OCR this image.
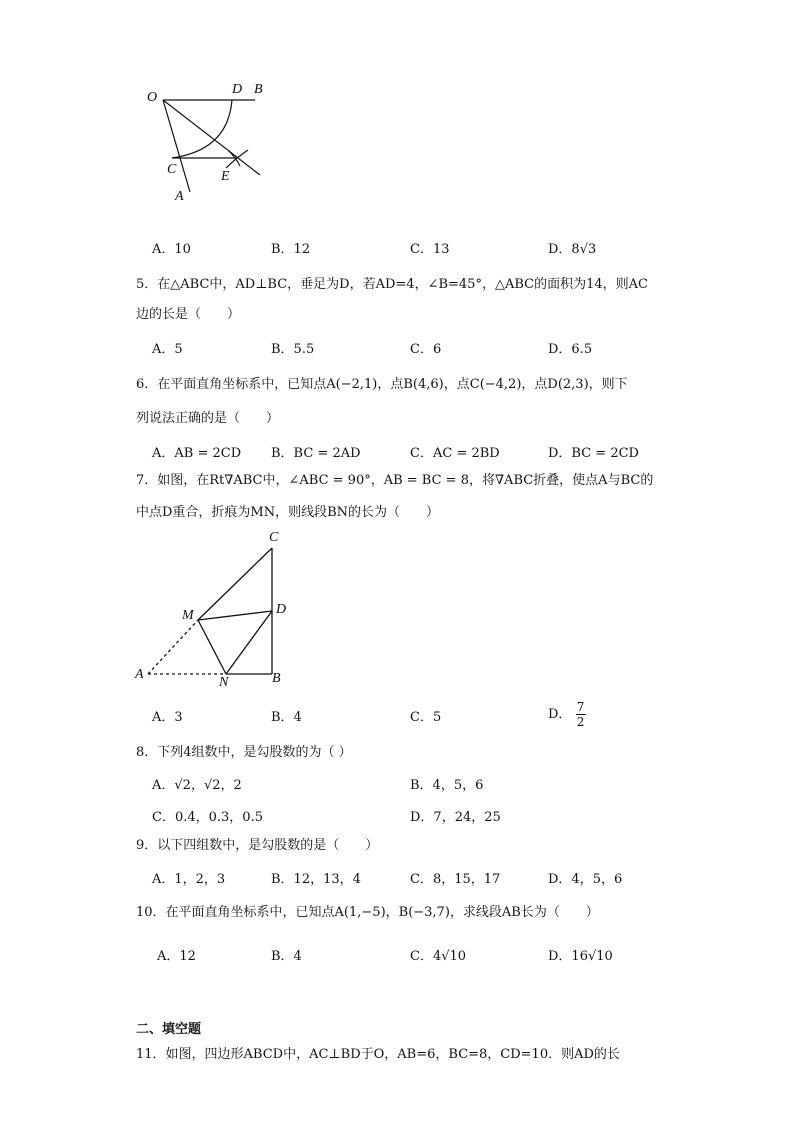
O
D B
C	E
A
A．10	B．12	C．13	D．8√3
5．在△ABC中，AD⊥BC，垂足为D，若AD=4，∠B=45°，△ABC的面积为14，则AC
边的长是（　　）
A．5	B．5.5	C．6	D．6.5
6．在平面直角坐标系中，已知点A(−2,1)，点B(4,6)，点C(−4,2)，点D(2,3)，则下
列说法正确的是（　　）
A．AB = 2CD B．BC = 2AD	C．AC = 2BD	D．BC = 2CD
7．如图，在Rt∇ABC中，∠ABC = 90°，AB = BC = 8，将∇ABC折叠，使点A与BC的
中点D重合，折痕为MN，则线段BN的长为（　　）
C
M	D
A
N	B
A．3	B．4	C．5	D． $\frac{7}{2}$
8．下列4组数中，是勾股数的为（ ）
A．√2，√2，2	B．4，5，6
C．0.4，0.3，0.5	D．7，24，25
9．以下四组数中，是勾股数的是（　　）
A．1，2，3	B．12，13，4	C．8，15，17	D．4，5，6
10．在平面直角坐标系中，已知点A(1,−5)，B(−3,7)，求线段AB长为（　　）
A．12	B．4	C．4√10	D．16√10
二、填空题
11．如图，四边形ABCD中，AC⊥BD于O，AB=6，BC=8，CD=10．则AD的长
